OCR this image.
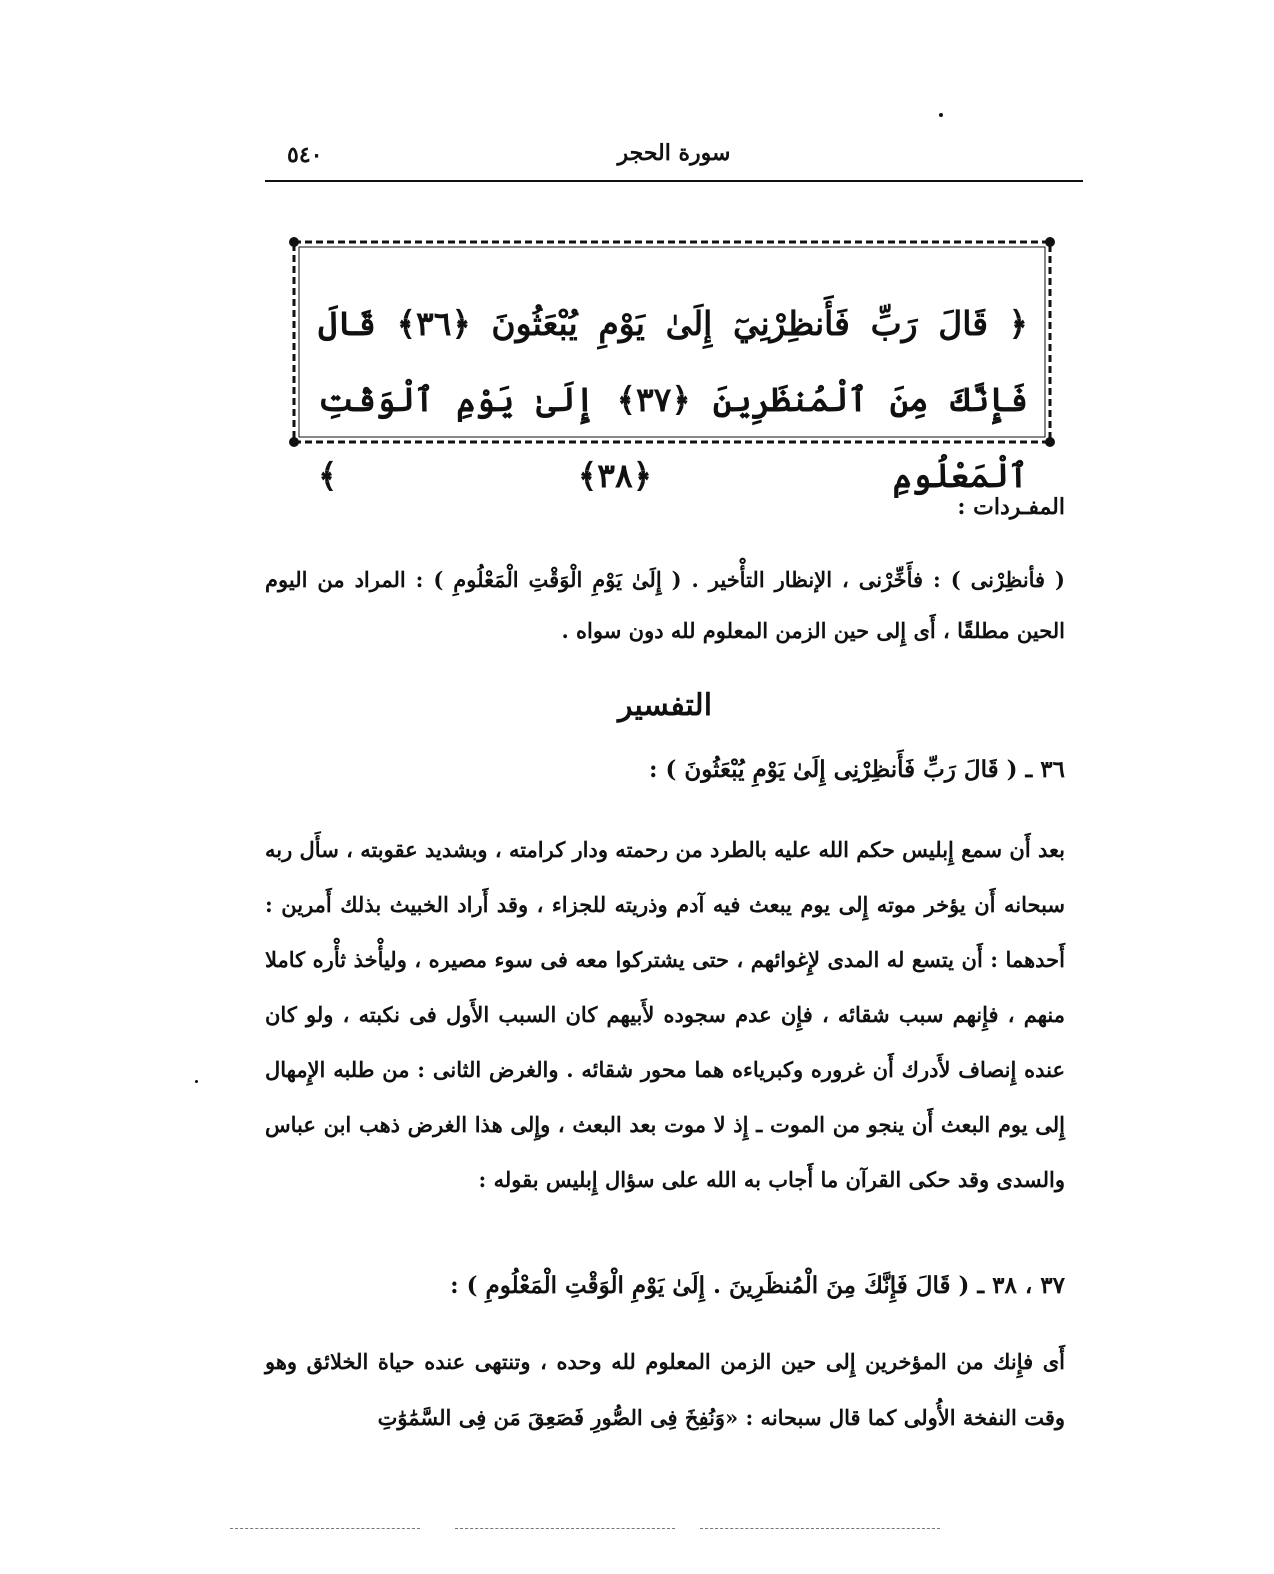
٥٤٠	سورة الحجر
﴿ قَالَ رَبِّ فَأَنظِرْنِيٓ إِلَىٰ يَوْمِ يُبْعَثُونَ ﴿٣٦﴾ قَالَ فَإِنَّكَ مِنَ ٱلْمُنظَرِينَ ﴿٣٧﴾ إِلَىٰ يَوْمِ ٱلْوَقْتِ ٱلْمَعْلُومِ ﴿٣٨﴾ ﴾
المفـردات :
( فأنظِرْنى ) : فأَخِّرْنى ، الإنظار التأْخير . ( إِلَىٰ يَوْمِ الْوَقْتِ الْمَعْلُومِ ) : المراد من اليوم الحين مطلقًا ، أَى إِلى حين الزمن المعلوم لله دون سواه .
التفسير
٣٦ ـ ( قَالَ رَبِّ فَأَنظِرْنِى إِلَىٰ يَوْمِ يُبْعَثُونَ ) :
بعد أَن سمع إِبليس حكم الله عليه بالطرد من رحمته ودار كرامته ، وبشديد عقوبته ، سأَل ربه سبحانه أَن يؤخر موته إِلى يوم يبعث فيه آدم وذريته للجزاء ، وقد أَراد الخبيث بذلك أَمرين : أَحدهما : أَن يتسع له المدى لإِغوائهم ، حتى يشتركوا معه فى سوء مصيره ، وليأْخذ ثأْره كاملا منهم ، فإِنهم سبب شقائه ، فإِن عدم سجوده لأَبيهم كان السبب الأَول فى نكبته ، ولو كان عنده إِنصاف لأَدرك أَن غروره وكبرياءه هما محور شقائه . والغرض الثانى : من طلبه الإِمهال إِلى يوم البعث أَن ينجو من الموت ـ إِذ لا موت بعد البعث ، وإِلى هذا الغرض ذهب ابن عباس والسدى وقد حكى القرآن ما أَجاب به الله على سؤال إِبليس بقوله :
٣٧ ، ٣٨ ـ ( قَالَ فَإِنَّكَ مِنَ الْمُنظَرِينَ . إِلَىٰ يَوْمِ الْوَقْتِ الْمَعْلُومِ ) :
أَى فإِنك من المؤخرين إِلى حين الزمن المعلوم لله وحده ، وتنتهى عنده حياة الخلائق وهو وقت النفخة الأُولى كما قال سبحانه : «وَنُفِخَ فِى الصُّورِ فَصَعِقَ مَن فِى السَّمَٰوَٰتِ
